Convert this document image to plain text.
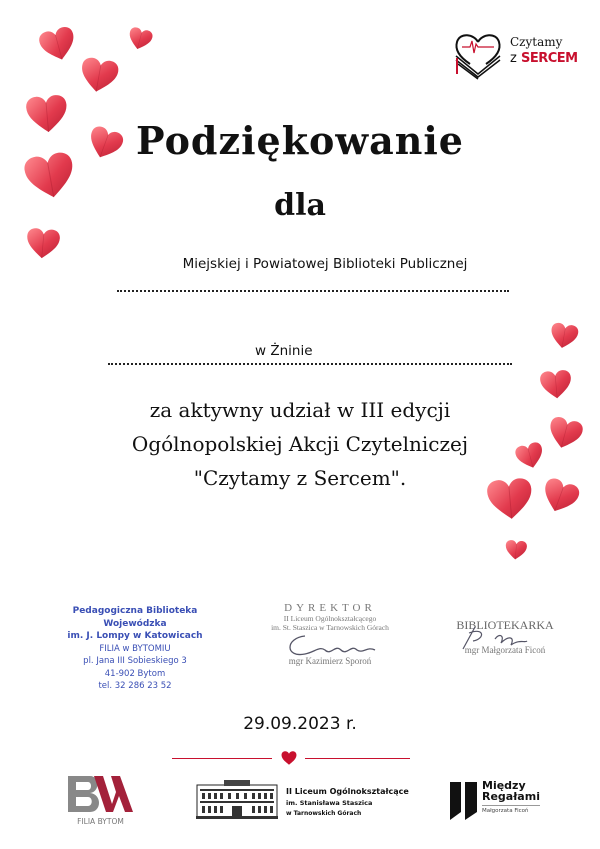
Czytamy
z SERCEM
Podziękowanie
dla
Miejskiej i Powiatowej Biblioteki Publicznej
w Żninie
za aktywny udział w III edycji
Ogólnopolskiej Akcji Czytelniczej
"Czytamy z Sercem".
Pedagogiczna Biblioteka Wojewódzka
im. J. Lompy w Katowicach
FILIA w BYTOMIU
pl. Jana III Sobieskiego 3
41-902 Bytom
tel. 32 286 23 52
DYREKTOR
II Liceum Ogólnokształcącego
im. St. Staszica w Tarnowskich Górach
mgr Kazimierz Sporoń
BIBLIOTEKARKA
mgr Małgorzata Ficoń
29.09.2023 r.
FILIA BYTOM
II Liceum Ogólnokształcące
im. Stanisława Staszica
w Tarnowskich Górach
Między
Regałami
Małgorzata Ficoń
